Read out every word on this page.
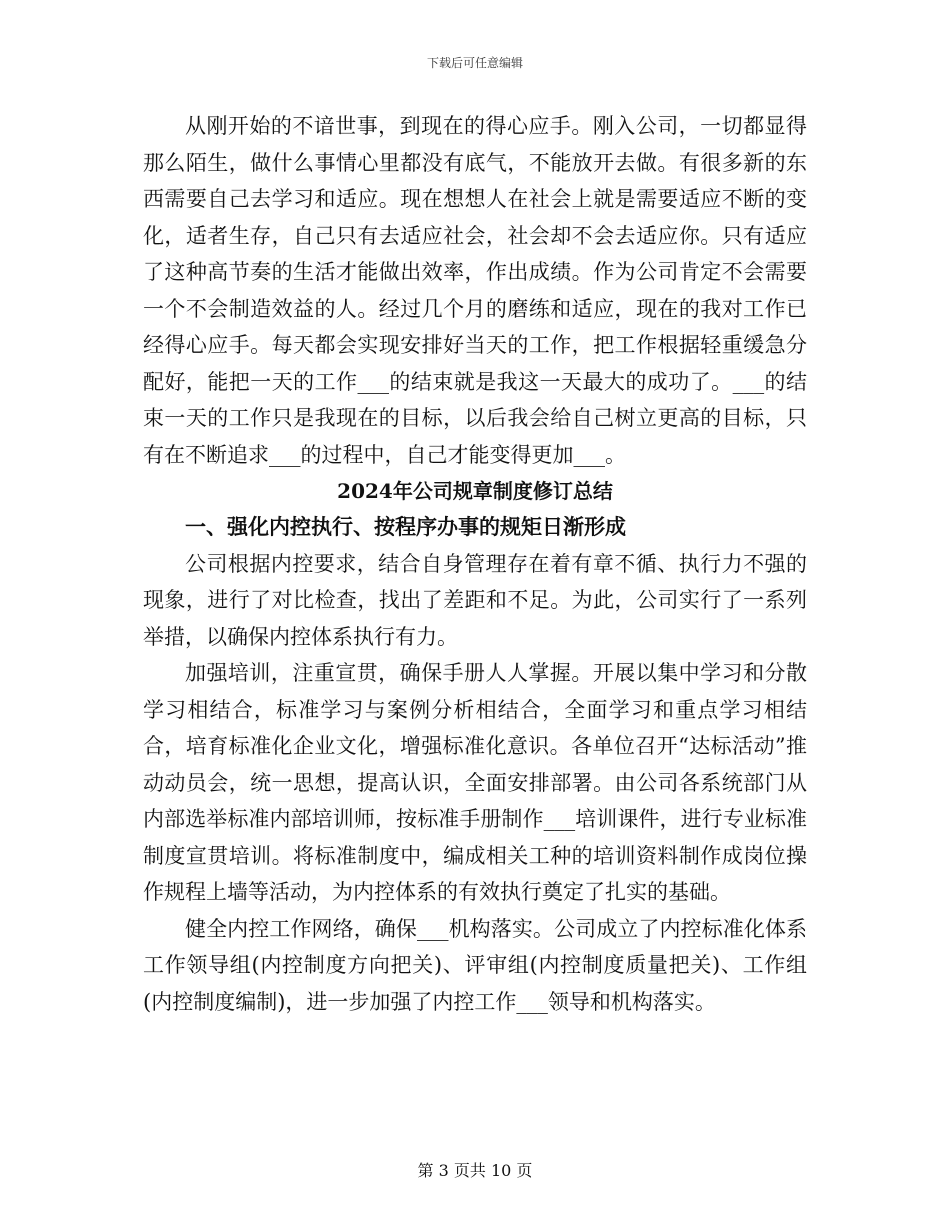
下载后可任意编辑

从刚开始的不谙世事，到现在的得心应手。刚入公司，一切都显得那么陌生，做什么事情心里都没有底气，不能放开去做。有很多新的东西需要自己去学习和适应。现在想想人在社会上就是需要适应不断的变化，适者生存，自己只有去适应社会，社会却不会去适应你。只有适应了这种高节奏的生活才能做出效率，作出成绩。作为公司肯定不会需要一个不会制造效益的人。经过几个月的磨练和适应，现在的我对工作已经得心应手。每天都会实现安排好当天的工作，把工作根据轻重缓急分配好，能把一天的工作___的结束就是我这一天最大的成功了。___的结束一天的工作只是我现在的目标，以后我会给自己树立更高的目标，只有在不断追求___的过程中，自己才能变得更加___。

2024年公司规章制度修订总结

一、强化内控执行、按程序办事的规矩日渐形成

公司根据内控要求，结合自身管理存在着有章不循、执行力不强的现象，进行了对比检查，找出了差距和不足。为此，公司实行了一系列举措，以确保内控体系执行有力。

加强培训，注重宣贯，确保手册人人掌握。开展以集中学习和分散学习相结合，标准学习与案例分析相结合，全面学习和重点学习相结合，培育标准化企业文化，增强标准化意识。各单位召开“达标活动”推动动员会，统一思想，提高认识，全面安排部署。由公司各系统部门从内部选举标准内部培训师，按标准手册制作___培训课件，进行专业标准制度宣贯培训。将标准制度中，编成相关工种的培训资料制作成岗位操作规程上墙等活动，为内控体系的有效执行奠定了扎实的基础。

健全内控工作网络，确保___机构落实。公司成立了内控标准化体系工作领导组(内控制度方向把关)、评审组(内控制度质量把关)、工作组(内控制度编制)，进一步加强了内控工作___领导和机构落实。

第 3 页共 10 页
